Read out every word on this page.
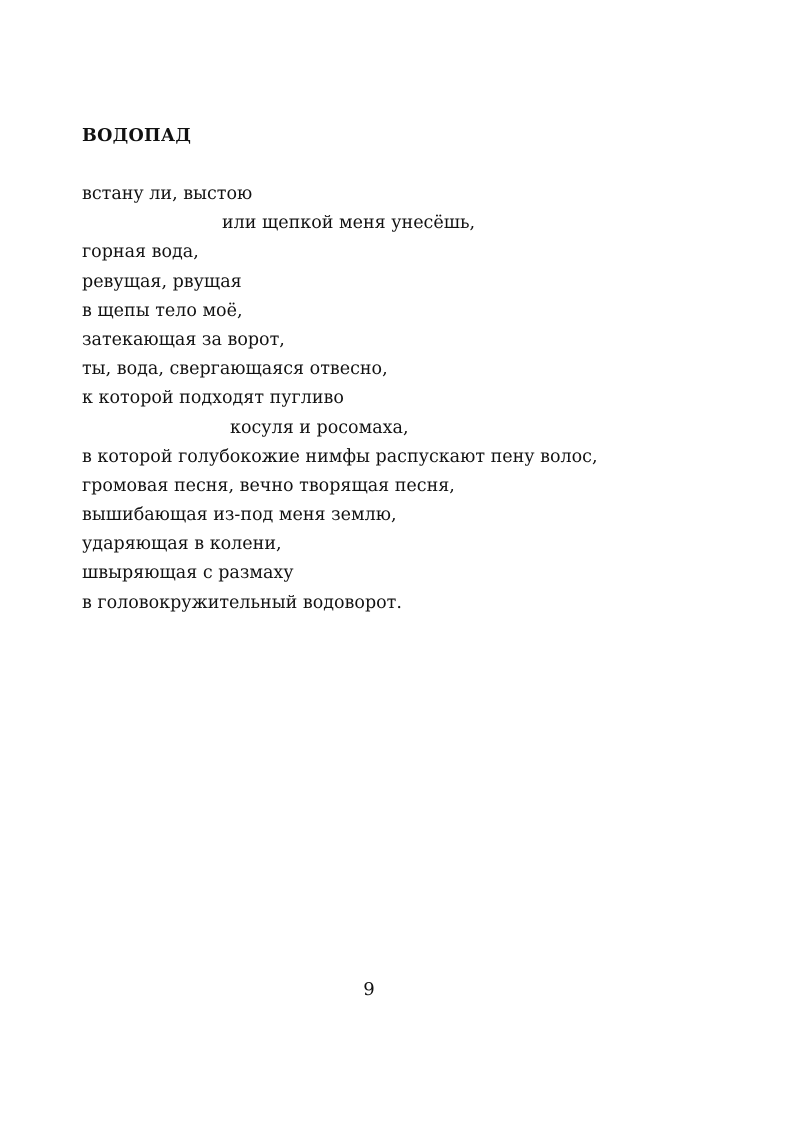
ВОДОПАД
встану ли, выстою
или щепкой меня унесёшь,
горная вода,
ревущая, рвущая
в щепы тело моё,
затекающая за ворот,
ты, вода, свергающаяся отвесно,
к которой подходят пугливо
косуля и росомаха,
в которой голубокожие нимфы распускают пену волос,
громовая песня, вечно творящая песня,
вышибающая из-под меня землю,
ударяющая в колени,
швыряющая с размаху
в головокружительный водоворот.
9
